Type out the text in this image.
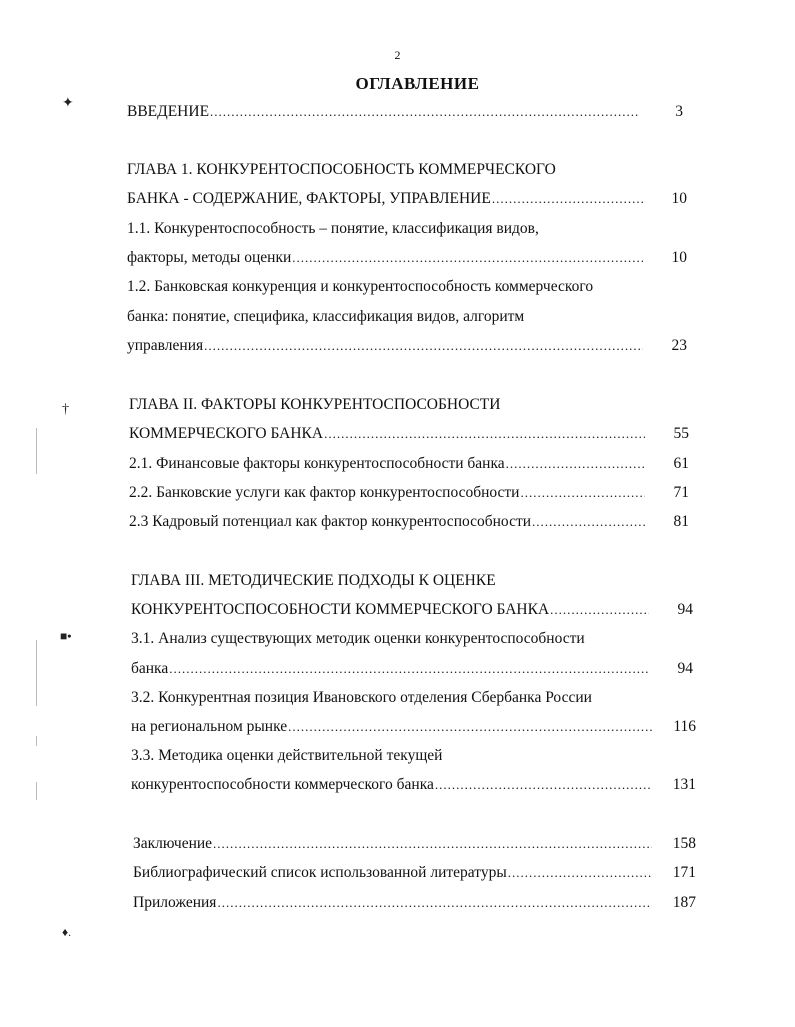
2
ОГЛАВЛЕНИЕ
✦
†
■•
♦.
ВВЕДЕНИЕ .....	3
ГЛАВА 1. КОНКУРЕНТОСПОСОБНОСТЬ КОММЕРЧЕСКОГО
БАНКА - СОДЕРЖАНИЕ, ФАКТОРЫ, УПРАВЛЕНИЕ .....	10
1.1. Конкурентоспособность – понятие, классификация видов,
факторы, методы оценки .....	10
1.2. Банковская конкуренция и конкурентоспособность коммерческого
банка: понятие, специфика, классификация видов, алгоритм
управления .....	23
ГЛАВА II. ФАКТОРЫ КОНКУРЕНТОСПОСОБНОСТИ
КОММЕРЧЕСКОГО БАНКА .....	55
2.1. Финансовые факторы конкурентоспособности банка .....	61
2.2. Банковские услуги как фактор конкурентоспособности .....	71
2.3 Кадровый потенциал как фактор конкурентоспособности .....	81
ГЛАВА III. МЕТОДИЧЕСКИЕ ПОДХОДЫ К ОЦЕНКЕ
КОНКУРЕНТОСПОСОБНОСТИ КОММЕРЧЕСКОГО БАНКА .....	94
3.1. Анализ существующих методик оценки конкурентоспособности
банка .....	94
3.2. Конкурентная позиция Ивановского отделения Сбербанка России
на региональном рынке .....	116
3.3. Методика оценки действительной текущей
конкурентоспособности коммерческого банка .....	131
Заключение .....	158
Библиографический список использованной литературы .....	171
Приложения .....	187
